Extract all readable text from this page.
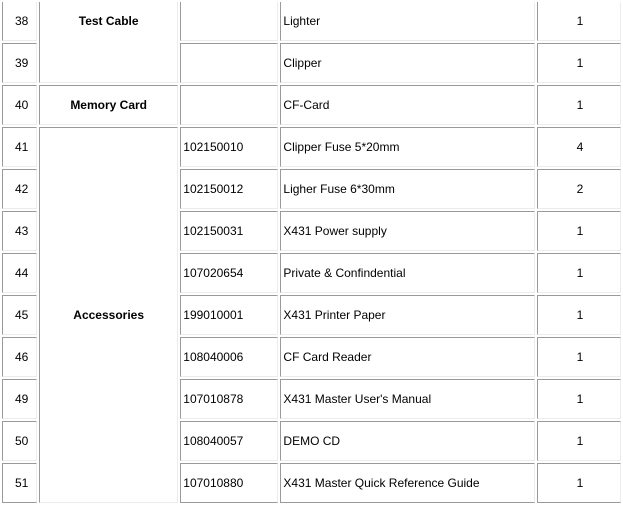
38	Test Cable		Lighter	1
39			Clipper	1
40	Memory Card		CF-Card	1
41	Accessories	102150010	Clipper Fuse 5*20mm	4
42		102150012	Ligher Fuse 6*30mm	2
43		102150031	X431 Power supply	1
44		107020654	Private & Confindential	1
45		199010001	X431 Printer Paper	1
46		108040006	CF Card Reader	1
49		107010878	X431 Master User's Manual	1
50		108040057	DEMO CD	1
51		107010880	X431 Master Quick Reference Guide	1
